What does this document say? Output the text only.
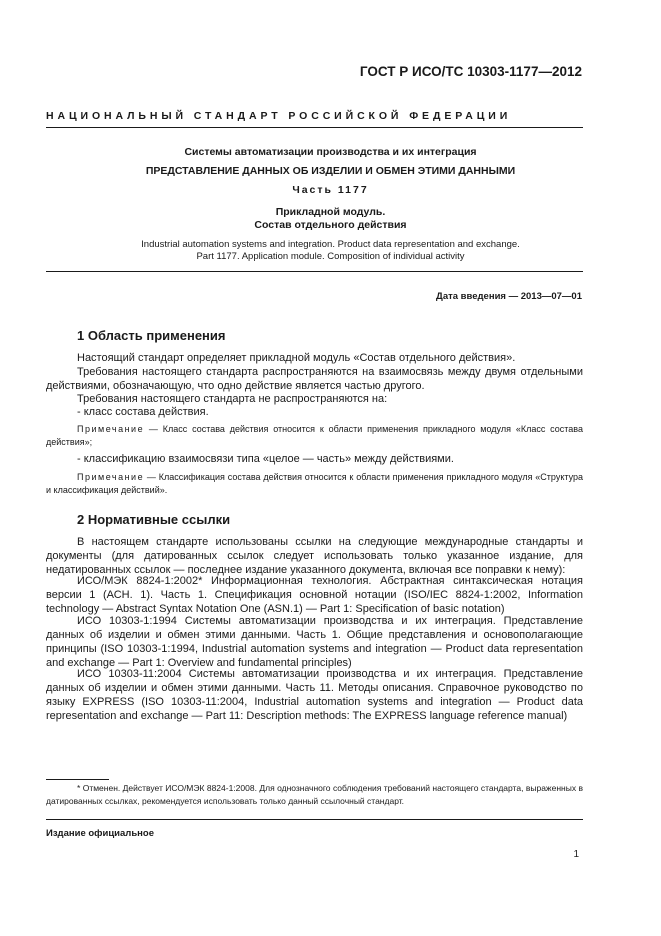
ГОСТ Р ИСО/ТС 10303-1177—2012
НАЦИОНАЛЬНЫЙ СТАНДАРТ РОССИЙСКОЙ ФЕДЕРАЦИИ
Системы автоматизации производства и их интеграция
ПРЕДСТАВЛЕНИЕ ДАННЫХ ОБ ИЗДЕЛИИ И ОБМЕН ЭТИМИ ДАННЫМИ
Часть 1177
Прикладной модуль.
Состав отдельного действия
Industrial automation systems and integration. Product data representation and exchange.
Part 1177. Application module. Composition of individual activity
Дата введения — 2013—07—01
1 Область применения
Настоящий стандарт определяет прикладной модуль «Состав отдельного действия».
Требования настоящего стандарта распространяются на взаимосвязь между двумя отдельными действиями, обозначающую, что одно действие является частью другого.
Требования настоящего стандарта не распространяются на:
- класс состава действия.
Примечание — Класс состава действия относится к области применения прикладного модуля «Класс состава действия»;
- классификацию взаимосвязи типа «целое — часть» между действиями.
Примечание — Классификация состава действия относится к области применения прикладного модуля «Структура и классификация действий».
2 Нормативные ссылки
В настоящем стандарте использованы ссылки на следующие международные стандарты и документы (для датированных ссылок следует использовать только указанное издание, для недатированных ссылок — последнее издание указанного документа, включая все поправки к нему):
ИСО/МЭК 8824-1:2002* Информационная технология. Абстрактная синтаксическая нотация версии 1 (АСН. 1). Часть 1. Спецификация основной нотации (ISO/IEC 8824-1:2002, Information technology — Abstract Syntax Notation One (ASN.1) — Part 1: Specification of basic notation)
ИСО 10303-1:1994 Системы автоматизации производства и их интеграция. Представление данных об изделии и обмен этими данными. Часть 1. Общие представления и основополагающие принципы (ISO 10303-1:1994, Industrial automation systems and integration — Product data representation and exchange — Part 1: Overview and fundamental principles)
ИСО 10303-11:2004 Системы автоматизации производства и их интеграция. Представление данных об изделии и обмен этими данными. Часть 11. Методы описания. Справочное руководство по языку EXPRESS (ISO 10303-11:2004, Industrial automation systems and integration — Product data representation and exchange — Part 11: Description methods: The EXPRESS language reference manual)
* Отменен. Действует ИСО/МЭК 8824-1:2008. Для однозначного соблюдения требований настоящего стандарта, выраженных в датированных ссылках, рекомендуется использовать только данный ссылочный стандарт.
Издание официальное
1
